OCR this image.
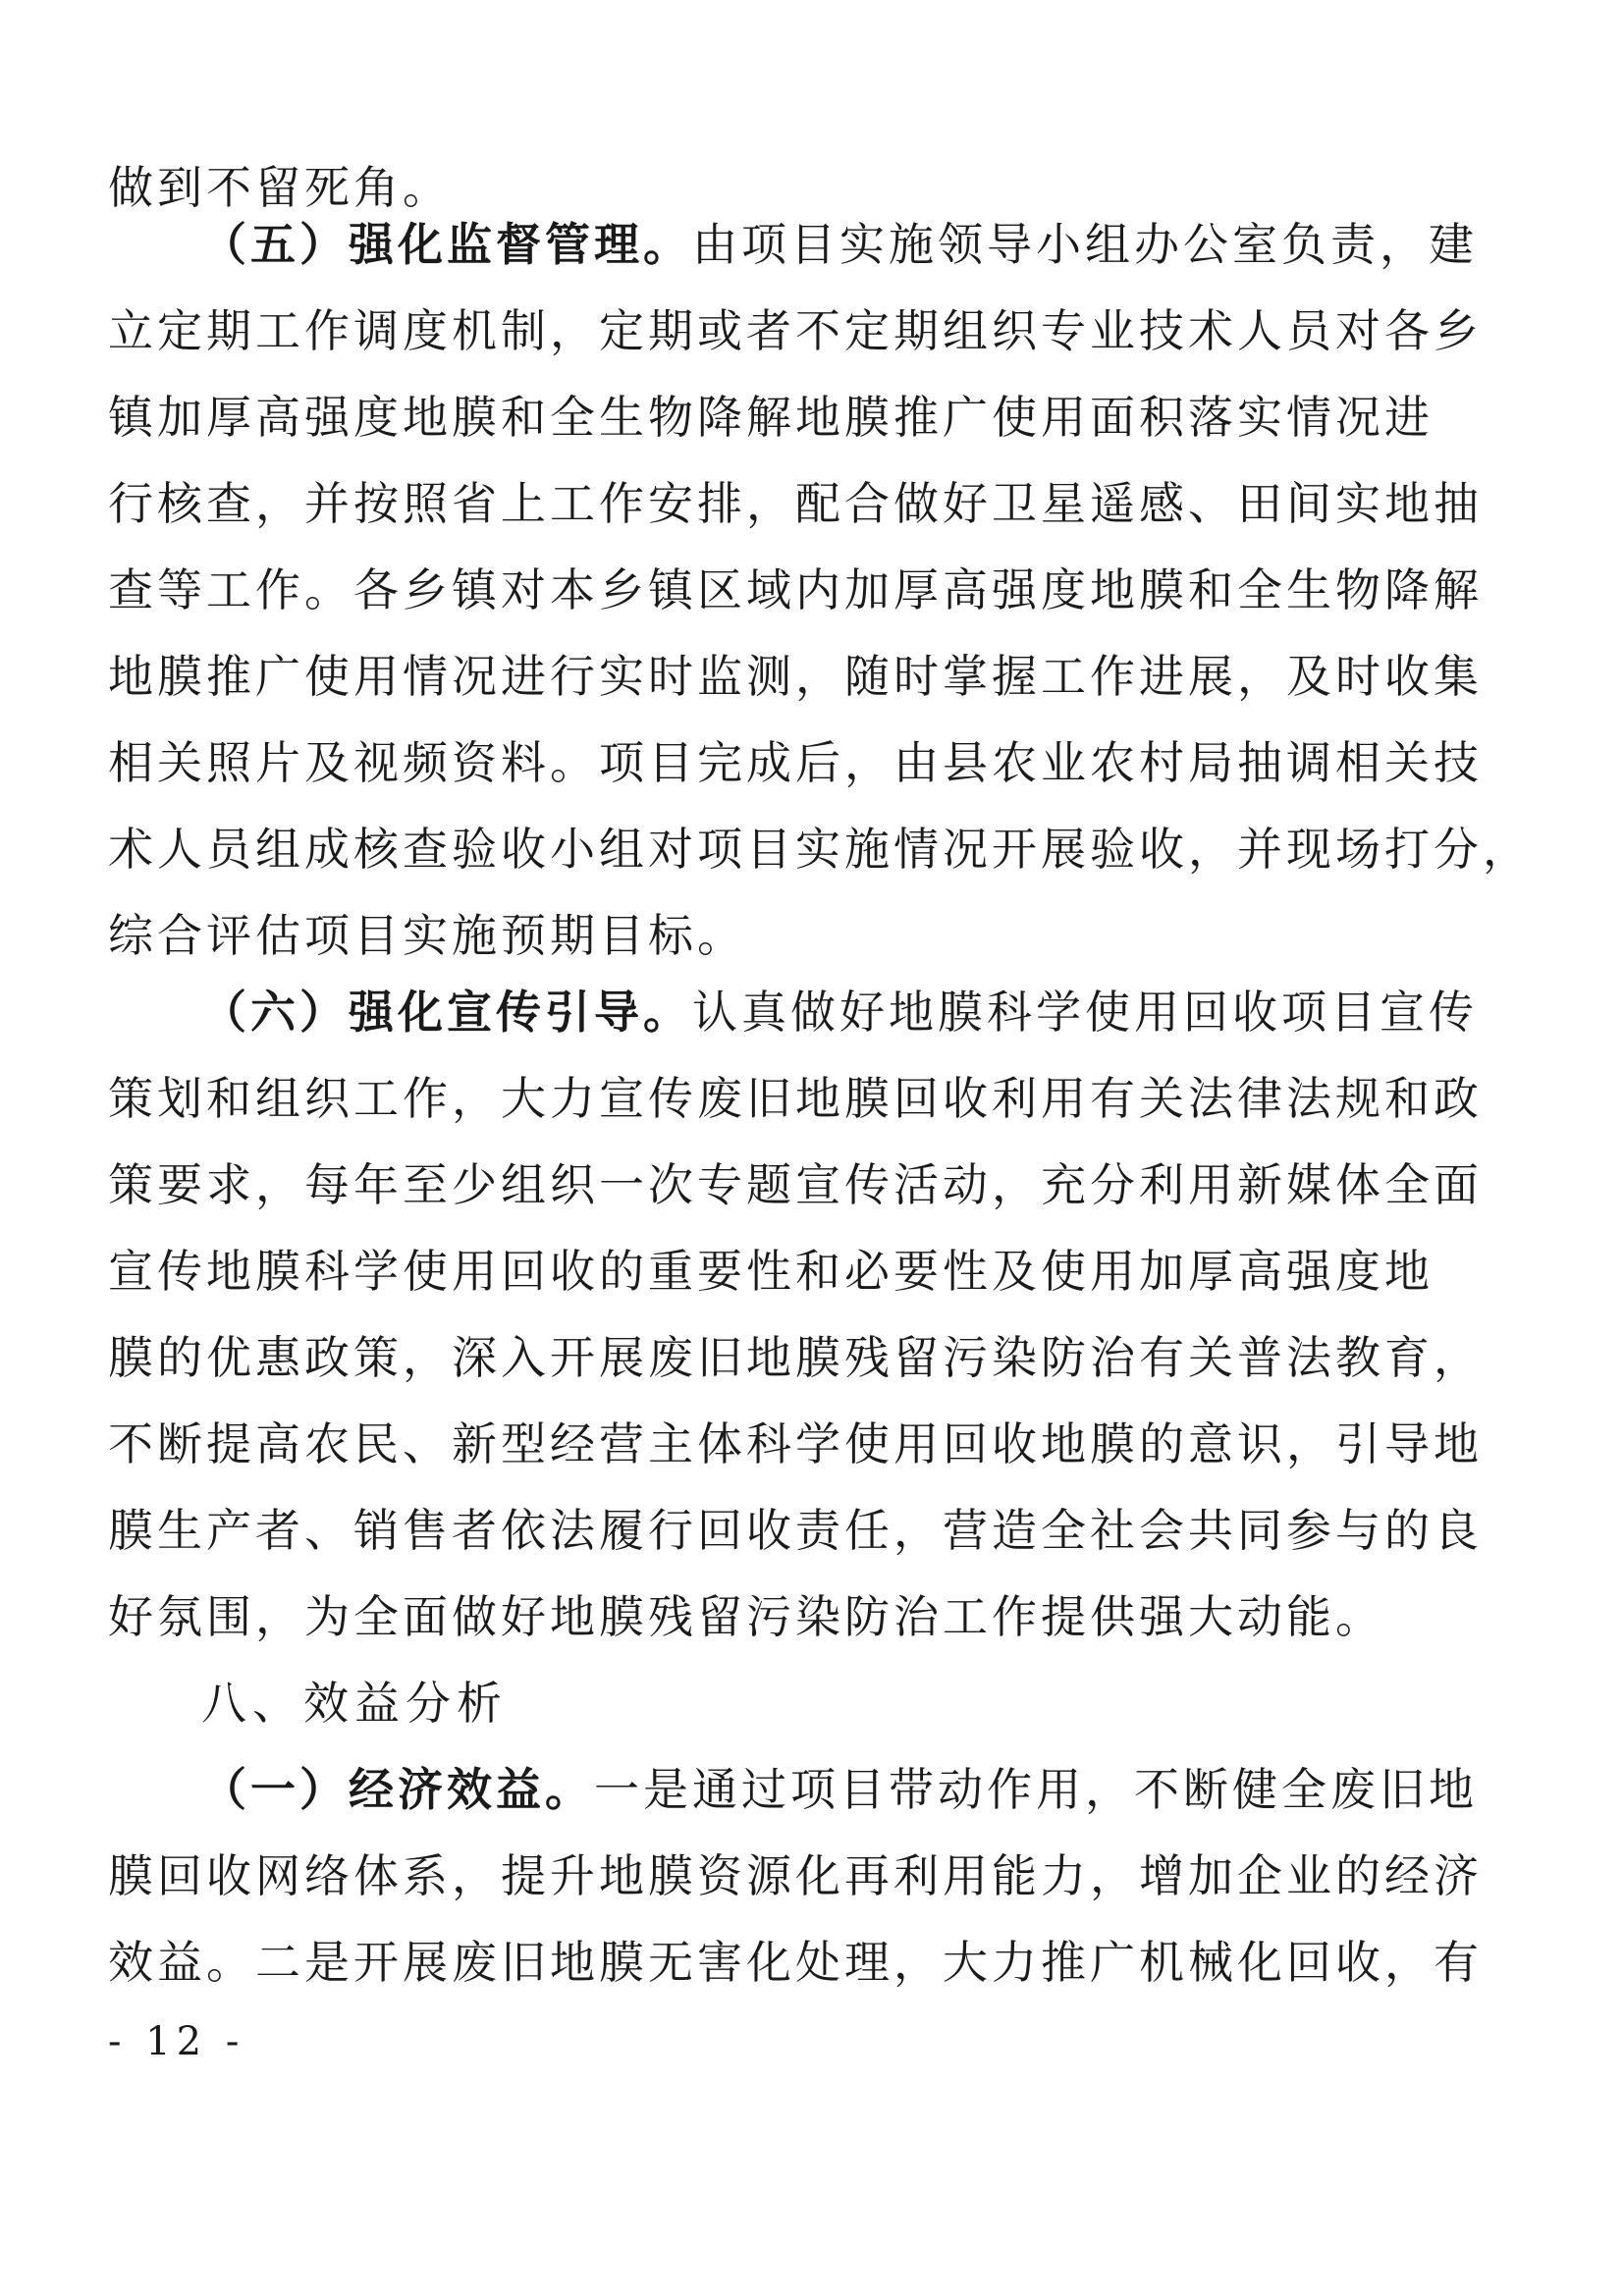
做到不留死角。
（五）强化监督管理。由项目实施领导小组办公室负责，建
立定期工作调度机制，定期或者不定期组织专业技术人员对各乡
镇加厚高强度地膜和全生物降解地膜推广使用面积落实情况进
行核查，并按照省上工作安排，配合做好卫星遥感、田间实地抽
查等工作。各乡镇对本乡镇区域内加厚高强度地膜和全生物降解
地膜推广使用情况进行实时监测，随时掌握工作进展，及时收集
相关照片及视频资料。项目完成后，由县农业农村局抽调相关技
术人员组成核查验收小组对项目实施情况开展验收，并现场打分，
综合评估项目实施预期目标。
（六）强化宣传引导。认真做好地膜科学使用回收项目宣传
策划和组织工作，大力宣传废旧地膜回收利用有关法律法规和政
策要求，每年至少组织一次专题宣传活动，充分利用新媒体全面
宣传地膜科学使用回收的重要性和必要性及使用加厚高强度地
膜的优惠政策，深入开展废旧地膜残留污染防治有关普法教育，
不断提高农民、新型经营主体科学使用回收地膜的意识，引导地
膜生产者、销售者依法履行回收责任，营造全社会共同参与的良
好氛围，为全面做好地膜残留污染防治工作提供强大动能。
八、效益分析
（一）经济效益。一是通过项目带动作用，不断健全废旧地
膜回收网络体系，提升地膜资源化再利用能力，增加企业的经济
效益。二是开展废旧地膜无害化处理，大力推广机械化回收，有
- 12 -
